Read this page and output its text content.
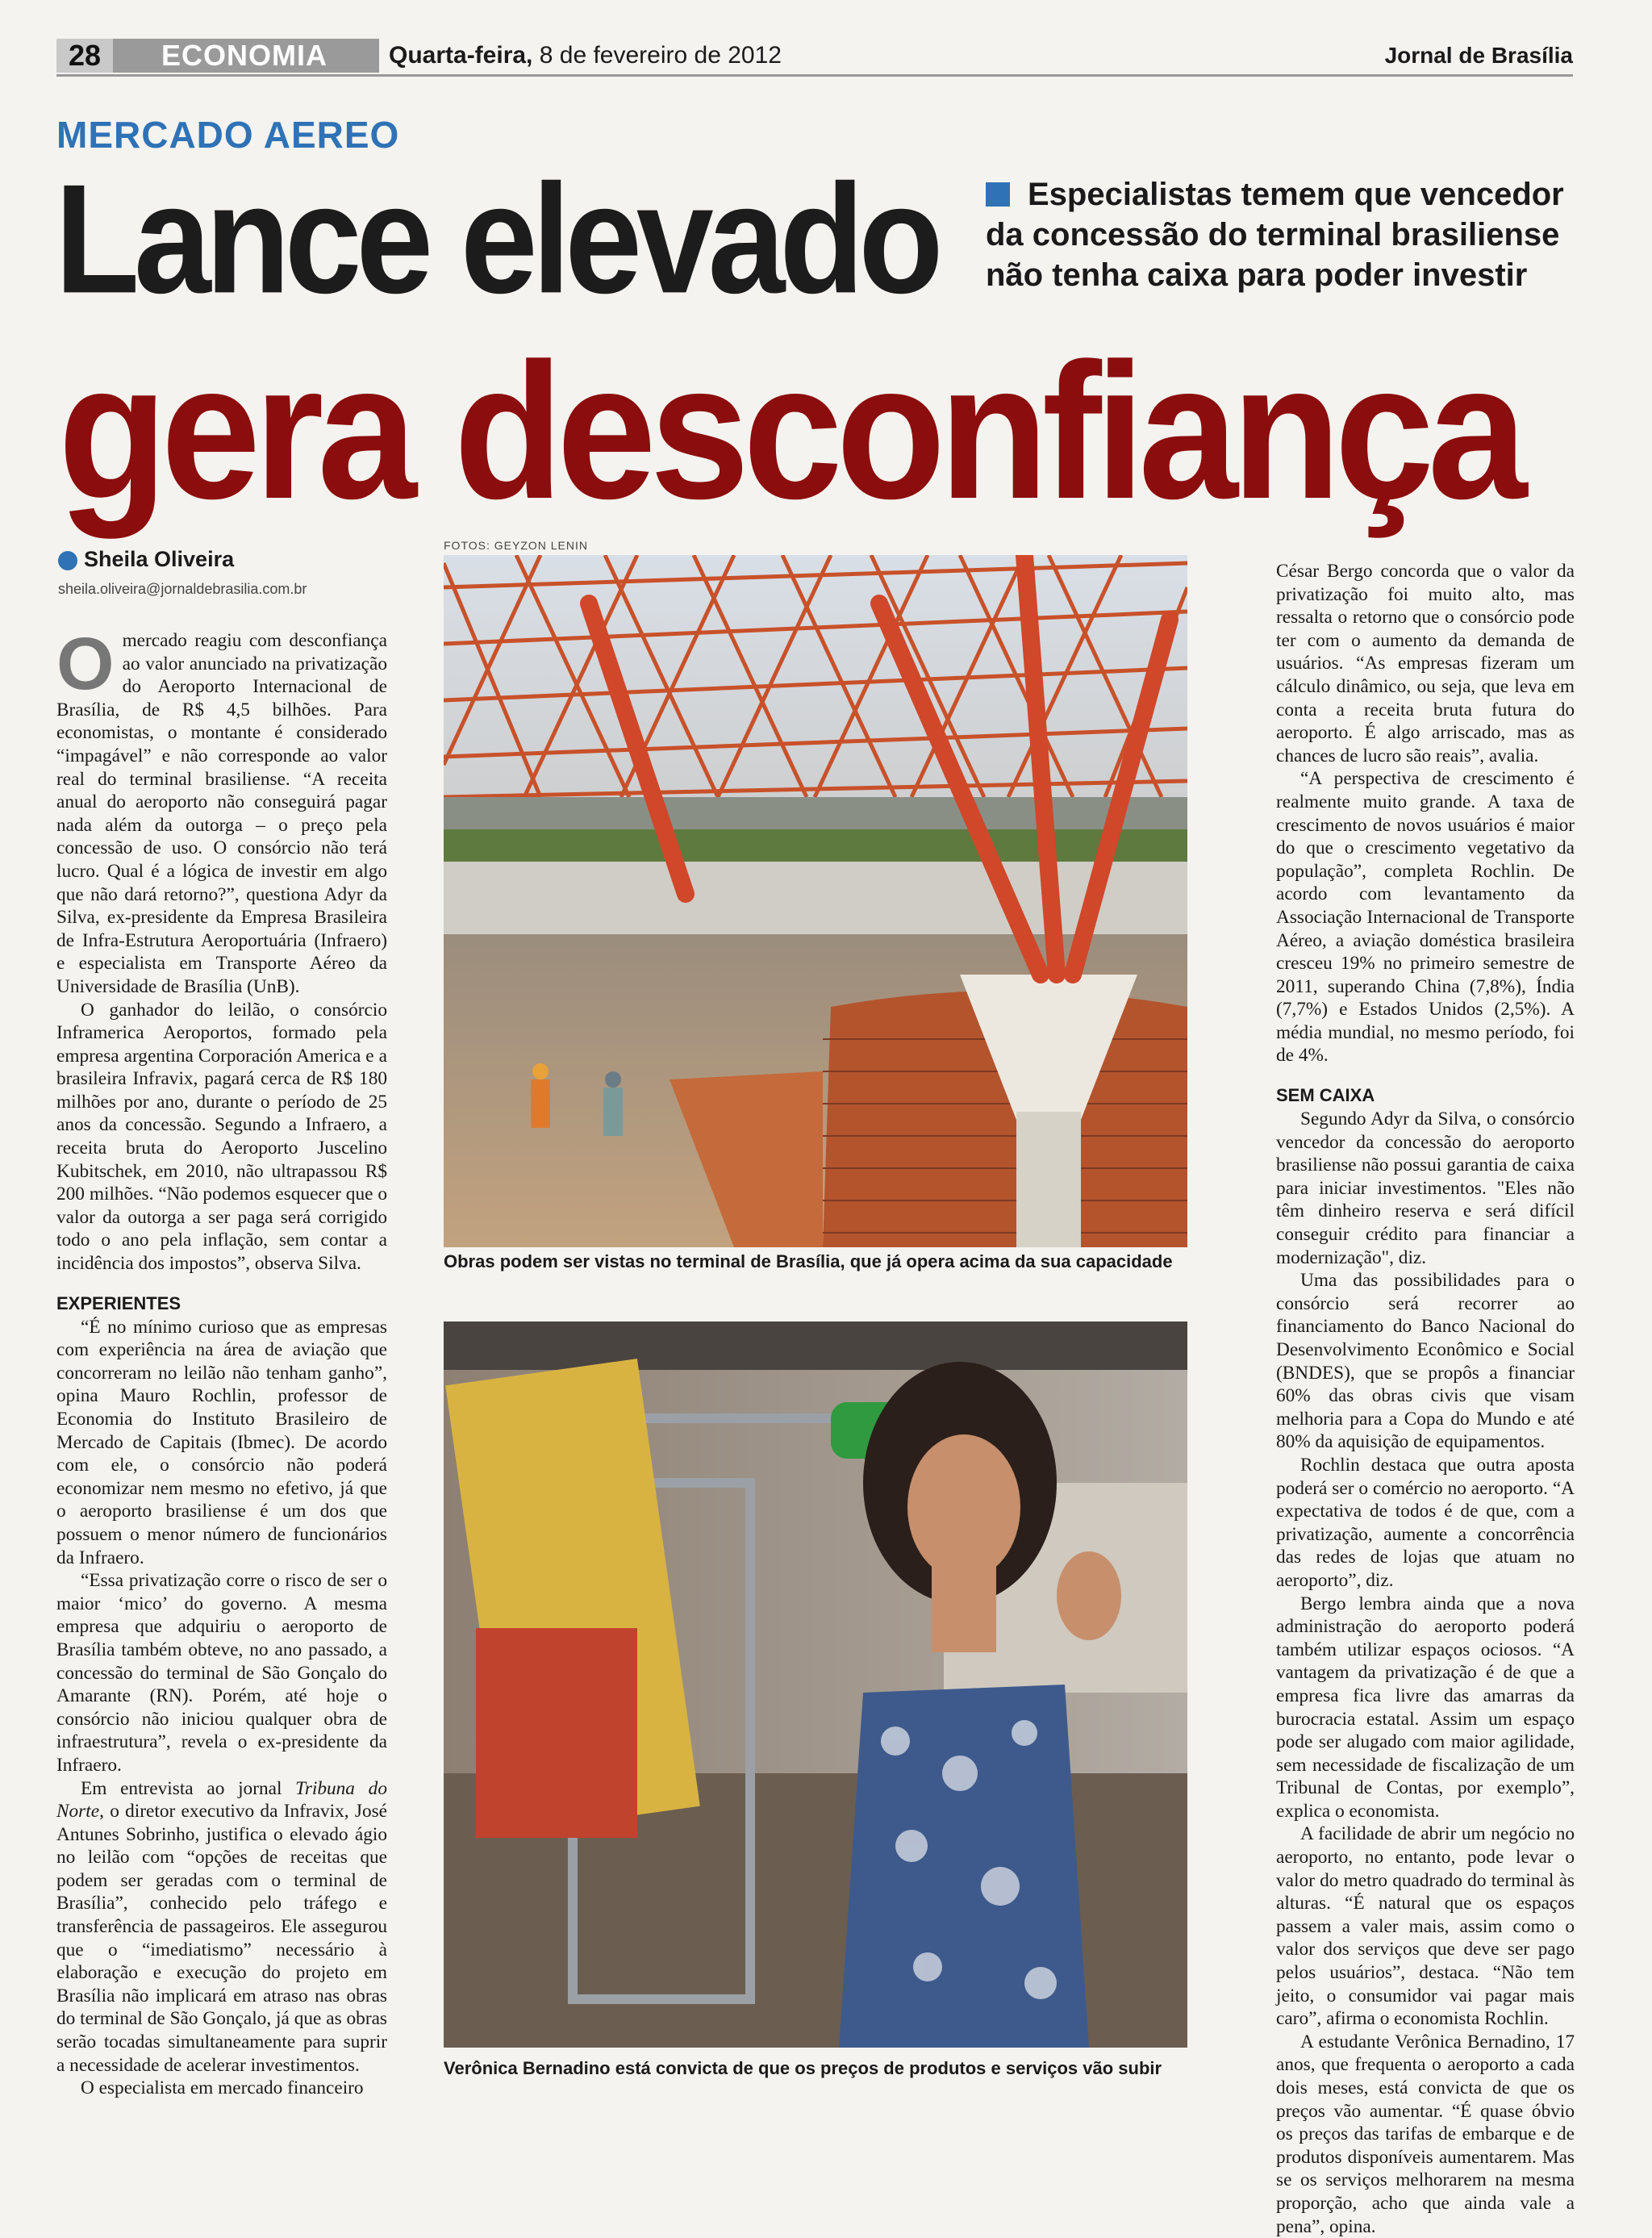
28	ECONOMIA	Quarta-feira, 8 de fevereiro de 2012	Jornal de Brasília
MERCADO AEREO
Lance elevado
gera desconfiança
Especialistas temem que vencedor da concessão do terminal brasiliense não tenha caixa para poder investir
Sheila Oliveira
sheila.oliveira@jornaldebrasilia.com.br

Omercado reagiu com desconfiança ao valor anunciado na privatização do Aeroporto Internacional de Brasília, de R$ 4,5 bilhões. Para economistas, o montante é considerado “impagável” e não corresponde ao valor real do terminal brasiliense. “A receita anual do aeroporto não conseguirá pagar nada além da outorga – o preço pela concessão de uso. O consórcio não terá lucro. Qual é a lógica de investir em algo que não dará retorno?”, questiona Adyr da Silva, ex-presidente da Empresa Brasileira de Infra-Estrutura Aeroportuária (Infraero) e especialista em Transporte Aéreo da Universidade de Brasília (UnB).

O ganhador do leilão, o consórcio Inframerica Aeroportos, formado pela empresa argentina Corporación America e a brasileira Infravix, pagará cerca de R$ 180 milhões por ano, durante o período de 25 anos da concessão. Segundo a Infraero, a receita bruta do Aeroporto Juscelino Kubitschek, em 2010, não ultrapassou R$ 200 milhões. “Não podemos esquecer que o valor da outorga a ser paga será corrigido todo o ano pela inflação, sem contar a incidência dos impostos”, observa Silva.

EXPERIENTES

“É no mínimo curioso que as empresas com experiência na área de aviação que concorreram no leilão não tenham ganho”, opina Mauro Rochlin, professor de Economia do Instituto Brasileiro de Mercado de Capitais (Ibmec). De acordo com ele, o consórcio não poderá economizar nem mesmo no efetivo, já que o aeroporto brasiliense é um dos que possuem o menor número de funcionários da Infraero.

“Essa privatização corre o risco de ser o maior ‘mico’ do governo. A mesma empresa que adquiriu o aeroporto de Brasília também obteve, no ano passado, a concessão do terminal de São Gonçalo do Amarante (RN). Porém, até hoje o consórcio não iniciou qualquer obra de infraestrutura”, revela o ex-presidente da Infraero.

Em entrevista ao jornal Tribuna do Norte, o diretor executivo da Infravix, José Antunes Sobrinho, justifica o elevado ágio no leilão com “opções de receitas que podem ser geradas com o terminal de Brasília”, conhecido pelo tráfego e transferência de passageiros. Ele assegurou que o “imediatismo” necessário à elaboração e execução do projeto em Brasília não implicará em atraso nas obras do terminal de São Gonçalo, já que as obras serão tocadas simultaneamente para suprir a necessidade de acelerar investimentos.

O especialista em mercado financeiro

FOTOS: GEYZON LENIN
Obras podem ser vistas no terminal de Brasília, que já opera acima da sua capacidade
Verônica Bernadino está convicta de que os preços de produtos e serviços vão subir

César Bergo concorda que o valor da privatização foi muito alto, mas ressalta o retorno que o consórcio pode ter com o aumento da demanda de usuários. “As empresas fizeram um cálculo dinâmico, ou seja, que leva em conta a receita bruta futura do aeroporto. É algo arriscado, mas as chances de lucro são reais”, avalia.

“A perspectiva de crescimento é realmente muito grande. A taxa de crescimento de novos usuários é maior do que o crescimento vegetativo da população”, completa Rochlin. De acordo com levantamento da Associação Internacional de Transporte Aéreo, a aviação doméstica brasileira cresceu 19% no primeiro semestre de 2011, superando China (7,8%), Índia (7,7%) e Estados Unidos (2,5%). A média mundial, no mesmo período, foi de 4%.

SEM CAIXA

Segundo Adyr da Silva, o consórcio vencedor da concessão do aeroporto brasiliense não possui garantia de caixa para iniciar investimentos. "Eles não têm dinheiro reserva e será difícil conseguir crédito para financiar a modernização", diz.

Uma das possibilidades para o consórcio será recorrer ao financiamento do Banco Nacional do Desenvolvimento Econômico e Social (BNDES), que se propôs a financiar 60% das obras civis que visam melhoria para a Copa do Mundo e até 80% da aquisição de equipamentos.

Rochlin destaca que outra aposta poderá ser o comércio no aeroporto. “A expectativa de todos é de que, com a privatização, aumente a concorrência das redes de lojas que atuam no aeroporto”, diz.

Bergo lembra ainda que a nova administração do aeroporto poderá também utilizar espaços ociosos. “A vantagem da privatização é de que a empresa fica livre das amarras da burocracia estatal. Assim um espaço pode ser alugado com maior agilidade, sem necessidade de fiscalização de um Tribunal de Contas, por exemplo”, explica o economista.

A facilidade de abrir um negócio no aeroporto, no entanto, pode levar o valor do metro quadrado do terminal às alturas. “É natural que os espaços passem a valer mais, assim como o valor dos serviços que deve ser pago pelos usuários”, destaca. “Não tem jeito, o consumidor vai pagar mais caro”, afirma o economista Rochlin.

A estudante Verônica Bernadino, 17 anos, que frequenta o aeroporto a cada dois meses, está convicta de que os preços vão aumentar. “É quase óbvio os preços das tarifas de embarque e de produtos disponíveis aumentarem. Mas se os serviços melhorarem na mesma proporção, acho que ainda vale a pena”, opina.
